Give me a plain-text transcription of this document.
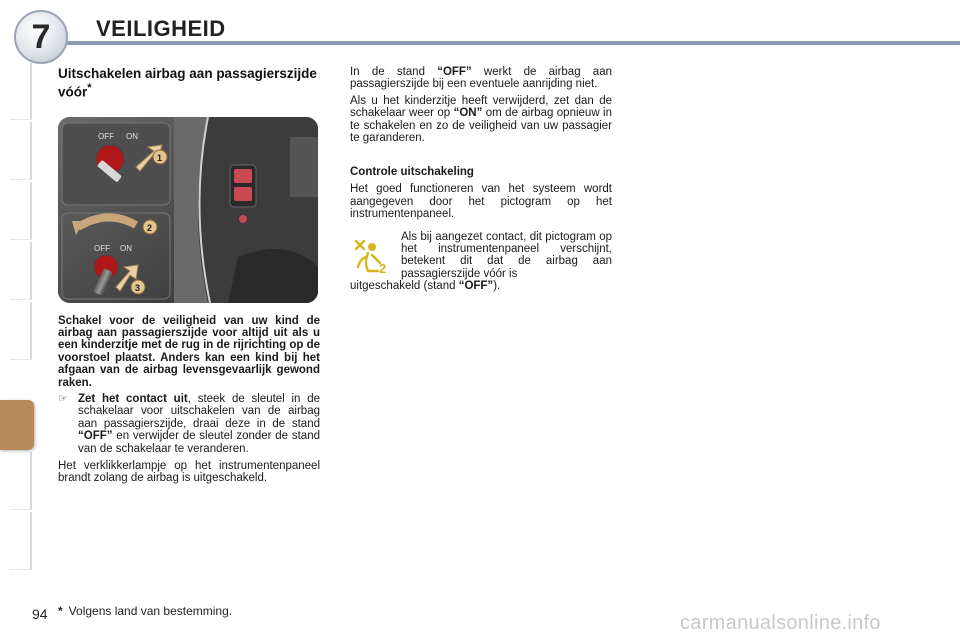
7 VEILIGHEID
Uitschakelen airbag aan passagierszijde vóór*
OFF ON
1
2
OFF ON
3
Schakel voor de veiligheid van uw kind de airbag aan passagierszijde voor altijd uit als u een kinderzitje met de rug in de rijrichting op de voorstoel plaatst. Anders kan een kind bij het afgaan van de airbag levensgevaarlijk gewond raken.
☞ Zet het contact uit, steek de sleutel in de schakelaar voor uitschakelen van de airbag aan passagierszijde, draai deze in de stand “OFF” en verwijder de sleutel zonder de stand van de schakelaar te veranderen.
Het verklikkerlampje op het instrumentenpaneel brandt zolang de airbag is uitgeschakeld.
In de stand “OFF” werkt de airbag aan passagierszijde bij een eventuele aanrijding niet.
Als u het kinderzitje heeft verwijderd, zet dan de schakelaar weer op “ON” om de airbag opnieuw in te schakelen en zo de veiligheid van uw passagier te garanderen.
Controle uitschakeling
Het goed functioneren van het systeem wordt aangegeven door het pictogram op het instrumentenpaneel.
2
Als bij aangezet contact, dit pictogram op het instrumentenpaneel verschijnt, betekent dit dat de airbag aan passagierszijde vóór is
uitgeschakeld (stand “OFF”).
94 * Volgens land van bestemming.
carmanualsonline.info
